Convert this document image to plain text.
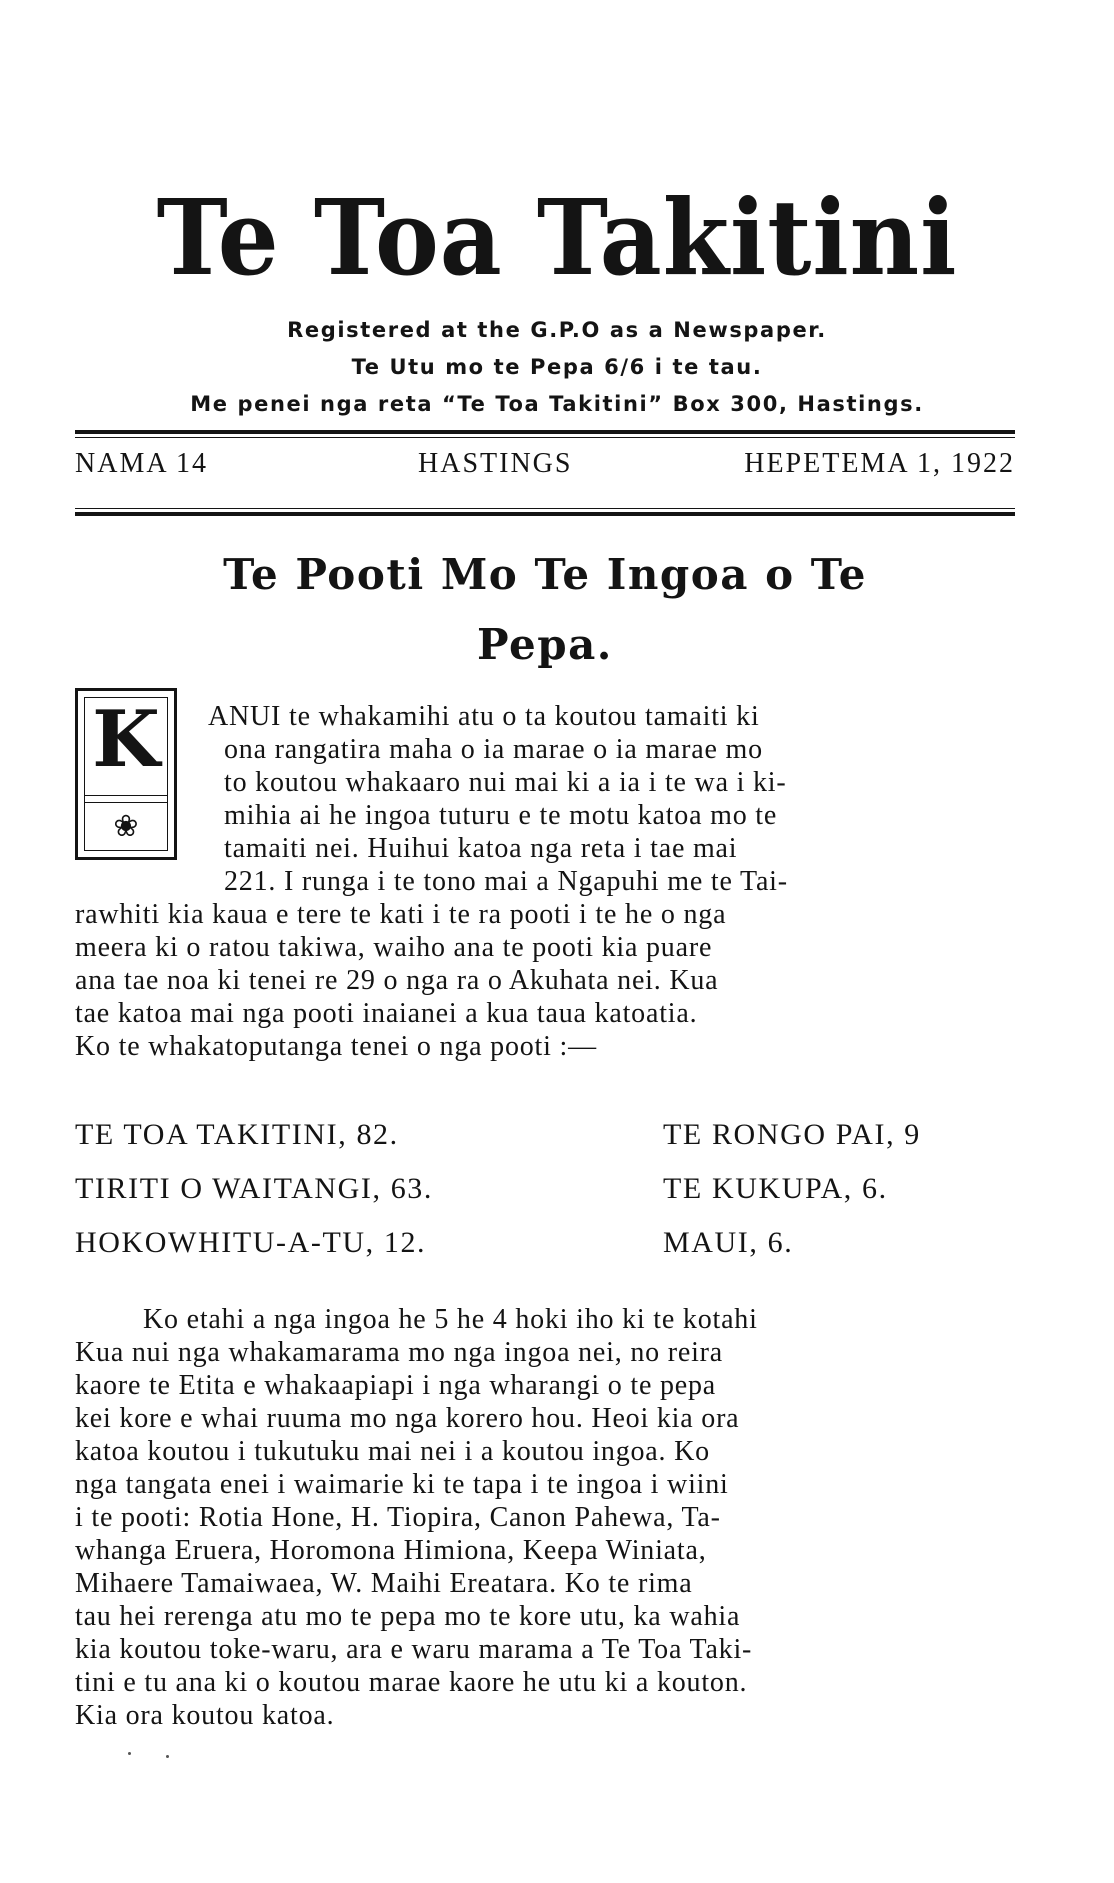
Te Toa Takitini
Registered at the G.P.O as a Newspaper.
Te Utu mo te Pepa 6/6 i te tau.
Me penei nga reta “Te Toa Takitini” Box 300, Hastings.
NAMA 14	HASTINGS	HEPETEMA 1, 1922
Te Pooti Mo Te Ingoa o Te
Pepa.
K
❀
ANUI te whakamihi atu o ta koutou tamaiti ki
ona rangatira maha o ia marae o ia marae mo
to koutou whakaaro nui mai ki a ia i te wa i ki-
mihia ai he ingoa tuturu e te motu katoa mo te
tamaiti nei. Huihui katoa nga reta i tae mai
221. I runga i te tono mai a Ngapuhi me te Tai-
rawhiti kia kaua e tere te kati i te ra pooti i te he o nga
meera ki o ratou takiwa, waiho ana te pooti kia puare
ana tae noa ki tenei re 29 o nga ra o Akuhata nei. Kua
tae katoa mai nga pooti inaianei a kua taua katoatia.
Ko te whakatoputanga tenei o nga pooti :—
TE TOA TAKITINI, 82.	TE RONGO PAI, 9
TIRITI O WAITANGI, 63.	TE KUKUPA, 6.
HOKOWHITU-A-TU, 12.	MAUI, 6.
Ko etahi a nga ingoa he 5 he 4 hoki iho ki te kotahi
Kua nui nga whakamarama mo nga ingoa nei, no reira
kaore te Etita e whakaapiapi i nga wharangi o te pepa
kei kore e whai ruuma mo nga korero hou. Heoi kia ora
katoa koutou i tukutuku mai nei i a koutou ingoa. Ko
nga tangata enei i waimarie ki te tapa i te ingoa i wiini
i te pooti: Rotia Hone, H. Tiopira, Canon Pahewa, Ta-
whanga Eruera, Horomona Himiona, Keepa Winiata,
Mihaere Tamaiwaea, W. Maihi Ereatara. Ko te rima
tau hei rerenga atu mo te pepa mo te kore utu, ka wahia
kia koutou toke-waru, ara e waru marama a Te Toa Taki-
tini e tu ana ki o koutou marae kaore he utu ki a kouton.
Kia ora koutou katoa.
